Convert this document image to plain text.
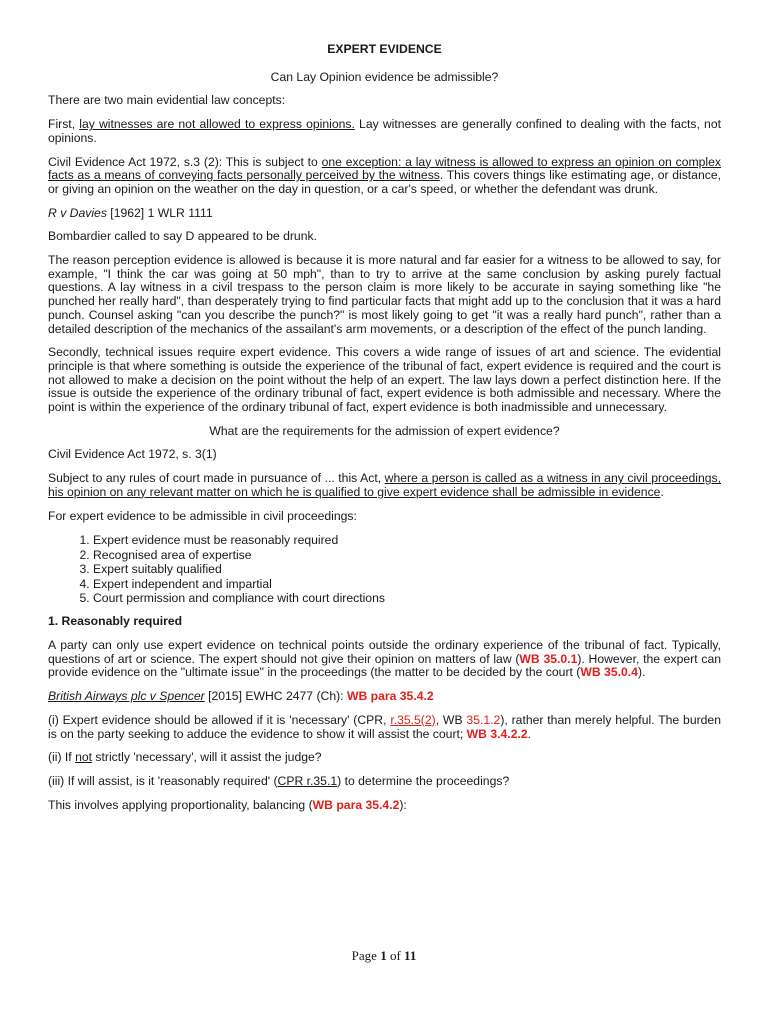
EXPERT EVIDENCE

Can Lay Opinion evidence be admissible?

There are two main evidential law concepts:

First, lay witnesses are not allowed to express opinions. Lay witnesses are generally confined to dealing with the facts, not opinions.

Civil Evidence Act 1972, s.3 (2): This is subject to one exception: a lay witness is allowed to express an opinion on complex facts as a means of conveying facts personally perceived by the witness. This covers things like estimating age, or distance, or giving an opinion on the weather on the day in question, or a car's speed, or whether the defendant was drunk.

R v Davies [1962] 1 WLR 1111

Bombardier called to say D appeared to be drunk.

The reason perception evidence is allowed is because it is more natural and far easier for a witness to be allowed to say, for example, "I think the car was going at 50 mph", than to try to arrive at the same conclusion by asking purely factual questions. A lay witness in a civil trespass to the person claim is more likely to be accurate in saying something like "he punched her really hard", than desperately trying to find particular facts that might add up to the conclusion that it was a hard punch. Counsel asking "can you describe the punch?" is most likely going to get "it was a really hard punch", rather than a detailed description of the mechanics of the assailant's arm movements, or a description of the effect of the punch landing.

Secondly, technical issues require expert evidence. This covers a wide range of issues of art and science. The evidential principle is that where something is outside the experience of the tribunal of fact, expert evidence is required and the court is not allowed to make a decision on the point without the help of an expert. The law lays down a perfect distinction here. If the issue is outside the experience of the ordinary tribunal of fact, expert evidence is both admissible and necessary. Where the point is within the experience of the ordinary tribunal of fact, expert evidence is both inadmissible and unnecessary.

What are the requirements for the admission of expert evidence?

Civil Evidence Act 1972, s. 3(1)

Subject to any rules of court made in pursuance of ... this Act, where a person is called as a witness in any civil proceedings, his opinion on any relevant matter on which he is qualified to give expert evidence shall be admissible in evidence.

For expert evidence to be admissible in civil proceedings:

1. Expert evidence must be reasonably required
2. Recognised area of expertise
3. Expert suitably qualified
4. Expert independent and impartial
5. Court permission and compliance with court directions

1. Reasonably required

A party can only use expert evidence on technical points outside the ordinary experience of the tribunal of fact. Typically, questions of art or science. The expert should not give their opinion on matters of law (WB 35.0.1). However, the expert can provide evidence on the "ultimate issue" in the proceedings (the matter to be decided by the court (WB 35.0.4).

British Airways plc v Spencer [2015] EWHC 2477 (Ch): WB para 35.4.2

(i) Expert evidence should be allowed if it is 'necessary' (CPR, r.35.5(2), WB 35.1.2), rather than merely helpful. The burden is on the party seeking to adduce the evidence to show it will assist the court; WB 3.4.2.2.

(ii) If not strictly 'necessary', will it assist the judge?

(iii) If will assist, is it 'reasonably required' (CPR r.35.1) to determine the proceedings?

This involves applying proportionality, balancing (WB para 35.4.2):

Page 1 of 11
